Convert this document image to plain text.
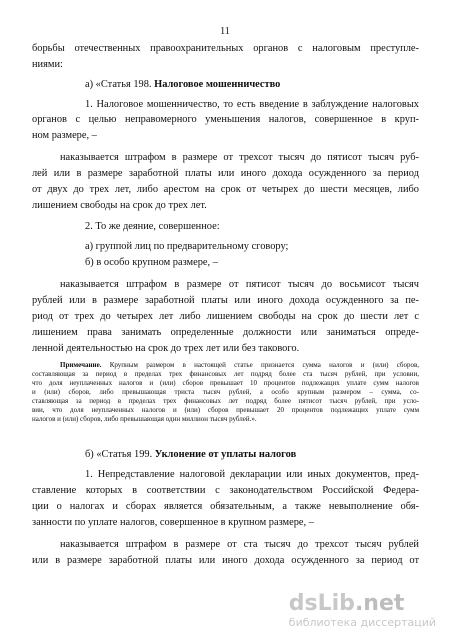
11
борьбы отечественных правоохранительных органов с налоговым преступле-
ниями:
а) «Статья 198. Налоговое мошенничество
1. Налоговое мошенничество, то есть введение в заблуждение налоговых
органов с целью неправомерного уменьшения налогов, совершенное в круп-
ном размере, –
наказывается штрафом в размере от трехсот тысяч до пятисот тысяч руб-
лей или в размере заработной платы или иного дохода осужденного за период
от двух до трех лет, либо арестом на срок от четырех до шести месяцев, либо
лишением свободы на срок до трех лет.
2. То же деяние, совершенное:
а) группой лиц по предварительному сговору;
б) в особо крупном размере, –
наказывается штрафом в размере от пятисот тысяч до восьмисот тысяч
рублей или в размере заработной платы или иного дохода осужденного за пе-
риод от трех до четырех лет либо лишением свободы на срок до шести лет с
лишением права занимать определенные должности или заниматься опреде-
ленной деятельностью на срок до трех лет или без такового.
Примечание. Крупным размером в настоящей статье признается сумма налогов и (или) сборов,
составляющая за период в пределах трех финансовых лет подряд более ста тысяч рублей, при условии,
что доля неуплаченных налогов и (или) сборов превышает 10 процентов подлежащих уплате сумм налогов
и (или) сборов, либо превышающая триста тысяч рублей, а особо крупным размером – сумма, со-
ставляющая за период в пределах трех финансовых лет подряд более пятисот тысяч рублей, при усло-
вии, что доля неуплаченных налогов и (или) сборов превышает 20 процентов подлежащих уплате сумм
налогов и (или) сборов, либо превышающая один миллион тысяч рублей.».
б) «Статья 199. Уклонение от уплаты налогов
1. Непредставление налоговой декларации или иных документов, пред-
ставление которых в соответствии с законодательством Российской Федера-
ции о налогах и сборах является обязательным, а также невыполнение обя-
занности по уплате налогов, совершенное в крупном размере, –
наказывается штрафом в размере от ста тысяч до трехсот тысяч рублей
или в размере заработной платы или иного дохода осужденного за период от
dsLib.net
библиотека диссертаций
